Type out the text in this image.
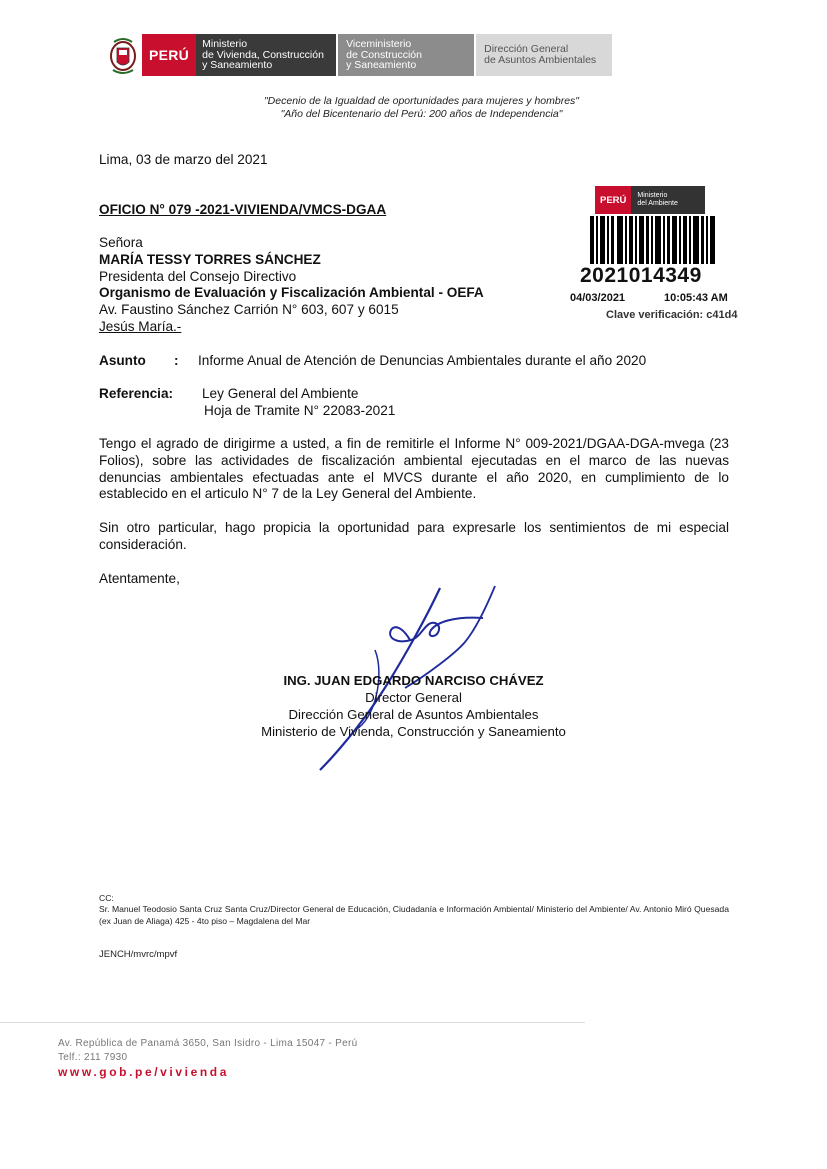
PERÚ
Ministerio
de Vivienda, Construcción
y Saneamiento
Viceministerio
de Construcción
y Saneamiento
Dirección General
de Asuntos Ambientales
"Decenio de la Igualdad de oportunidades para mujeres y hombres"
"Año del Bicentenario del Perú: 200 años de Independencia"
Lima, 03 de marzo del 2021
OFICIO N° 079 -2021-VIVIENDA/VMCS-DGAA
PERÚ	Ministerio
del Ambiente
2021014349
04/03/2021	10:05:43 AM
Clave verificación: c41d4
Señora
MARÍA TESSY TORRES SÁNCHEZ
Presidenta del Consejo Directivo
Organismo de Evaluación y Fiscalización Ambiental - OEFA
Av. Faustino Sánchez Carrión N° 603, 607 y 6015
Jesús María.-
Asunto : Informe Anual de Atención de Denuncias Ambientales durante el año 2020
Referencia: Ley General del Ambiente
Hoja de Tramite N° 22083-2021
Tengo el agrado de dirigirme a usted, a fin de remitirle el Informe N° 009-2021/DGAA-DGA-mvega (23 Folios), sobre las actividades de fiscalización ambiental ejecutadas en el marco de las nuevas denuncias ambientales efectuadas ante el MVCS durante el año 2020, en cumplimiento de lo establecido en el articulo N° 7 de la Ley General del Ambiente.
Sin otro particular, hago propicia la oportunidad para expresarle los sentimientos de mi especial consideración.
Atentamente,
ING. JUAN EDGARDO NARCISO CHÁVEZ
Director General
Dirección General de Asuntos Ambientales
Ministerio de Vivienda, Construcción y Saneamiento
CC:
Sr. Manuel Teodosio Santa Cruz Santa Cruz/Director General de Educación, Ciudadanía e Información Ambiental/ Ministerio del Ambiente/ Av. Antonio Miró Quesada (ex Juan de Aliaga) 425 - 4to piso – Magdalena del Mar
JENCH/mvrc/mpvf
Av. República de Panamá 3650, San Isidro - Lima 15047 - Perú
Telf.: 211 7930
www.gob.pe/vivienda
